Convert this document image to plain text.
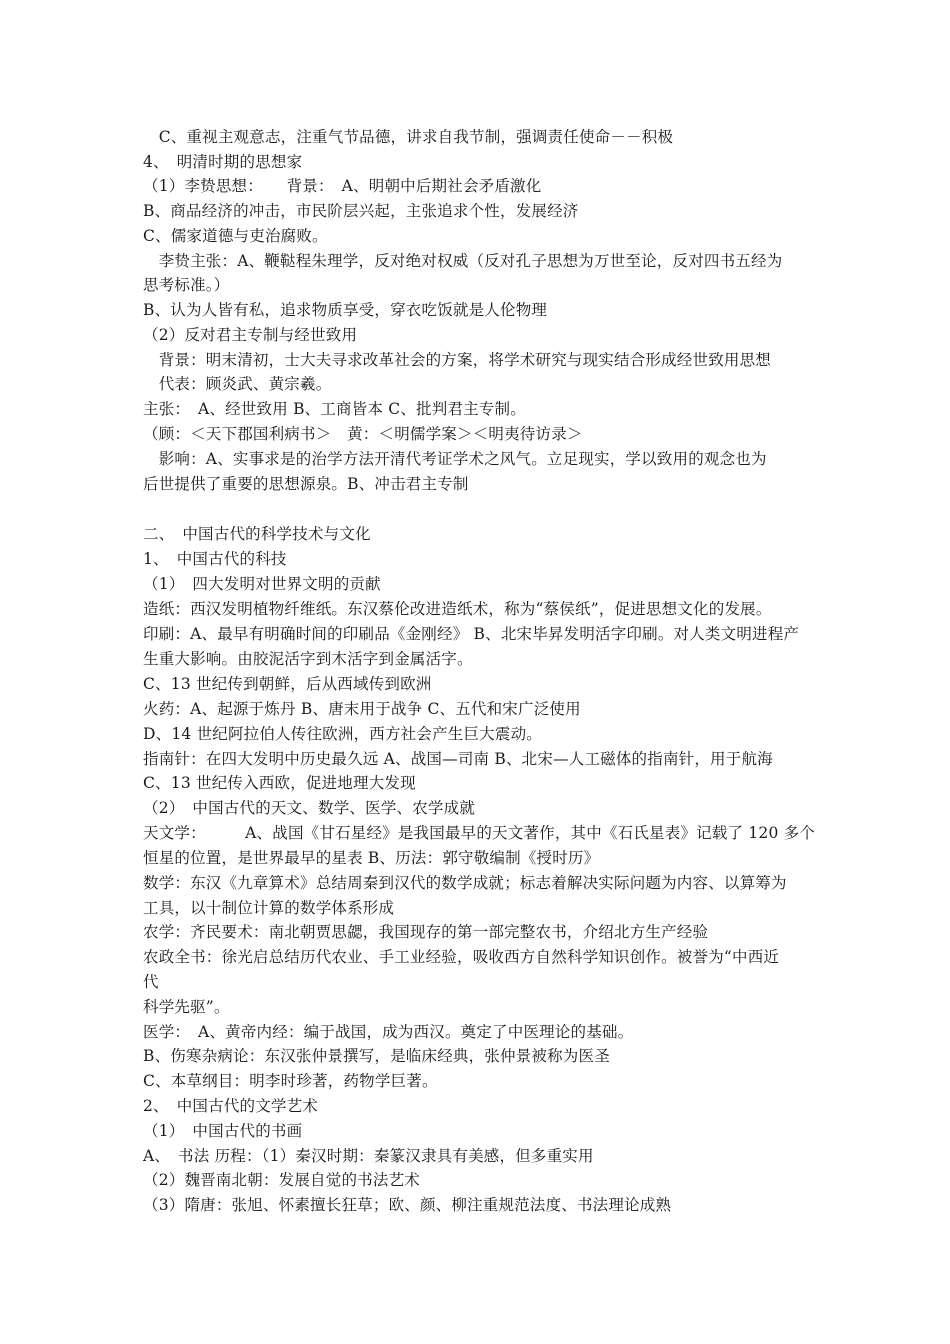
　C、重视主观意志，注重气节品德，讲求自我节制，强调责任使命－－积极
4、　明清时期的思想家
（1）李贽思想：　　背景：　A、明朝中后期社会矛盾激化
B、商品经济的冲击，市民阶层兴起，主张追求个性，发展经济
C、儒家道德与吏治腐败。
　李贽主张：A、鞭鞑程朱理学，反对绝对权威（反对孔子思想为万世至论，反对四书五经为
思考标准。）
B、认为人皆有私，追求物质享受，穿衣吃饭就是人伦物理
（2）反对君主专制与经世致用
　背景：明末清初，士大夫寻求改革社会的方案，将学术研究与现实结合形成经世致用思想
　代表：顾炎武、黄宗羲。
主张：　A、经世致用 B、工商皆本 C、批判君主专制。
（顾：＜天下郡国利病书＞　黄：＜明儒学案＞＜明夷待访录＞
　影响：A、实事求是的治学方法开清代考证学术之风气。立足现实，学以致用的观念也为
后世提供了重要的思想源泉。B、冲击君主专制
二、　中国古代的科学技术与文化
1、　中国古代的科技
（1）　四大发明对世界文明的贡献
造纸：西汉发明植物纤维纸。东汉蔡伦改进造纸术，称为“蔡侯纸”，促进思想文化的发展。
印刷：A、最早有明确时间的印刷品《金刚经》 B、北宋毕昇发明活字印刷。对人类文明进程产
生重大影响。由胶泥活字到木活字到金属活字。
C、13 世纪传到朝鲜，后从西域传到欧洲
火药：A、起源于炼丹 B、唐末用于战争 C、五代和宋广泛使用
D、14 世纪阿拉伯人传往欧洲，西方社会产生巨大震动。
指南针：在四大发明中历史最久远 A、战国—司南 B、北宋—人工磁体的指南针，用于航海
C、13 世纪传入西欧，促进地理大发现
（2）　中国古代的天文、数学、医学、农学成就
天文学：　　　A、战国《甘石星经》是我国最早的天文著作，其中《石氏星表》记载了 120 多个
恒星的位置，是世界最早的星表 B、历法：郭守敬编制《授时历》
数学：东汉《九章算术》总结周秦到汉代的数学成就；标志着解决实际问题为内容、以算筹为
工具，以十制位计算的数学体系形成
农学：齐民要术：南北朝贾思勰，我国现存的第一部完整农书，介绍北方生产经验
农政全书：徐光启总结历代农业、手工业经验，吸收西方自然科学知识创作。被誉为“中西近
代
科学先驱”。
医学：　A、黄帝内经：编于战国，成为西汉。奠定了中医理论的基础。
B、伤寒杂病论：东汉张仲景撰写，是临床经典，张仲景被称为医圣
C、本草纲目：明李时珍著，药物学巨著。
2、　中国古代的文学艺术
（1）　中国古代的书画
A、　书法 历程：（1）秦汉时期：秦篆汉隶具有美感，但多重实用
（2）魏晋南北朝：发展自觉的书法艺术
（3）隋唐：张旭、怀素擅长狂草；欧、颜、柳注重规范法度、书法理论成熟
